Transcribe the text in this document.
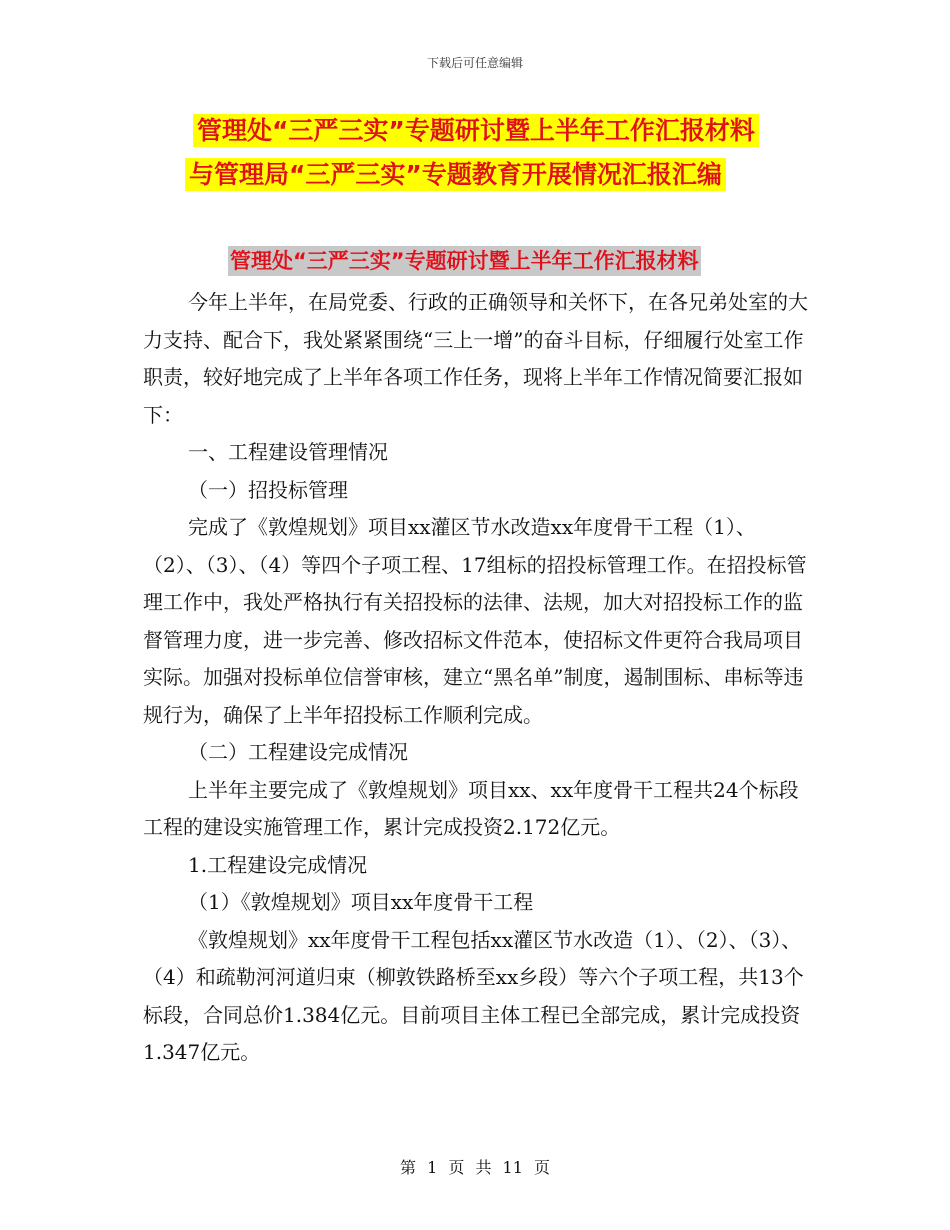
下载后可任意编辑
管理处“三严三实”专题研讨暨上半年工作汇报材料
与管理局“三严三实”专题教育开展情况汇报汇编
管理处“三严三实”专题研讨暨上半年工作汇报材料

今年上半年，在局党委、行政的正确领导和关怀下，在各兄弟处室的大力支持、配合下，我处紧紧围绕“三上一增”的奋斗目标，仔细履行处室工作职责，较好地完成了上半年各项工作任务，现将上半年工作情况简要汇报如下：

一、工程建设管理情况

（一）招投标管理

完成了《敦煌规划》项目xx灌区节水改造xx年度骨干工程（1）、（2）、（3）、（4）等四个子项工程、17组标的招投标管理工作。在招投标管理工作中，我处严格执行有关招投标的法律、法规，加大对招投标工作的监督管理力度，进一步完善、修改招标文件范本，使招标文件更符合我局项目实际。加强对投标单位信誉审核，建立“黑名单”制度，遏制围标、串标等违规行为，确保了上半年招投标工作顺利完成。

（二）工程建设完成情况

上半年主要完成了《敦煌规划》项目xx、xx年度骨干工程共24个标段工程的建设实施管理工作，累计完成投资2.172亿元。

1.工程建设完成情况

（1）《敦煌规划》项目xx年度骨干工程

《敦煌规划》xx年度骨干工程包括xx灌区节水改造（1）、（2）、（3）、（4）和疏勒河河道归束（柳敦铁路桥至xx乡段）等六个子项工程，共13个标段，合同总价1.384亿元。目前项目主体工程已全部完成，累计完成投资1.347亿元。

第 1 页 共 11 页
